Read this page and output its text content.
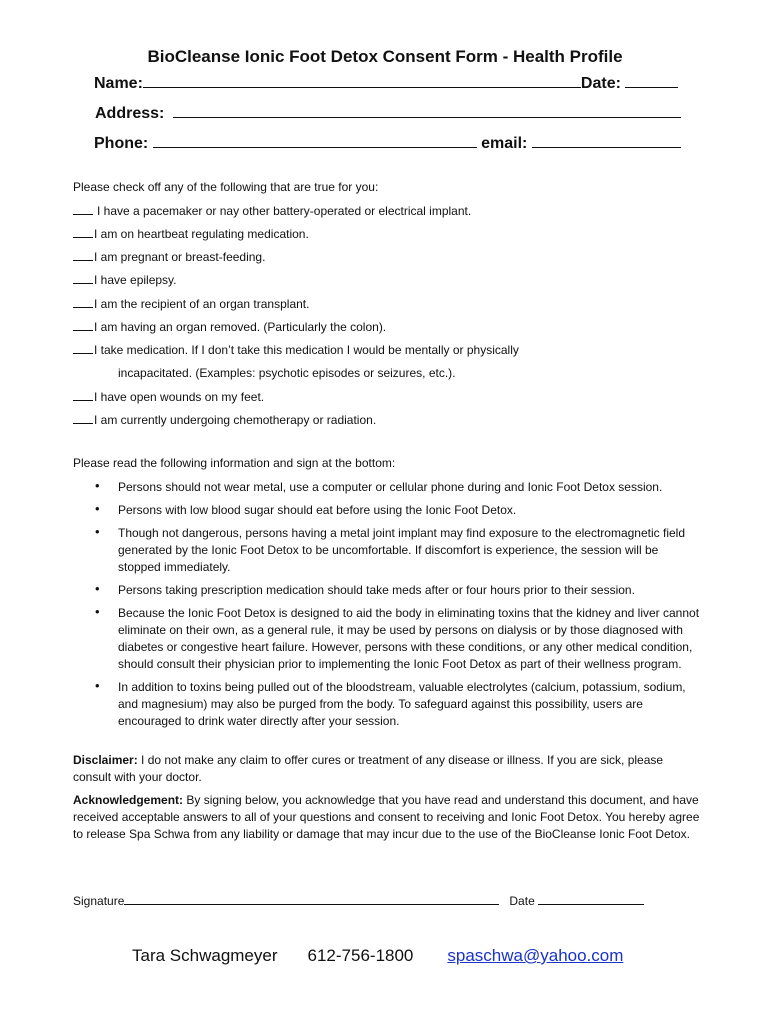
BioCleanse Ionic Foot Detox Consent Form - Health Profile
Name:	Date:
Address:
Phone:	email:

Please check off any of the following that are true for you:

I have a pacemaker or nay other battery-operated or electrical implant.

I am on heartbeat regulating medication.

I am pregnant or breast-feeding.

I have epilepsy.

I am the recipient of an organ transplant.

I am having an organ removed. (Particularly the colon).

I take medication. If I don’t take this medication I would be mentally or physically

incapacitated. (Examples: psychotic episodes or seizures, etc.).

I have open wounds on my feet.

I am currently undergoing chemotherapy or radiation.

Please read the following information and sign at the bottom:

• Persons should not wear metal, use a computer or cellular phone during and Ionic Foot Detox session.
• Persons with low blood sugar should eat before using the Ionic Foot Detox.
• Though not dangerous, persons having a metal joint implant may find exposure to the electromagnetic field generated by the Ionic Foot Detox to be uncomfortable. If discomfort is experience, the session will be stopped immediately.
• Persons taking prescription medication should take meds after or four hours prior to their session.
• Because the Ionic Foot Detox is designed to aid the body in eliminating toxins that the kidney and liver cannot eliminate on their own, as a general rule, it may be used by persons on dialysis or by those diagnosed with diabetes or congestive heart failure. However, persons with these conditions, or any other medical condition, should consult their physician prior to implementing the Ionic Foot Detox as part of their wellness program.
• In addition to toxins being pulled out of the bloodstream, valuable electrolytes (calcium, potassium, sodium, and magnesium) may also be purged from the body. To safeguard against this possibility, users are encouraged to drink water directly after your session.

Disclaimer: I do not make any claim to offer cures or treatment of any disease or illness. If you are sick, please consult with your doctor.

Acknowledgement: By signing below, you acknowledge that you have read and understand this document, and have received acceptable answers to all of your questions and consent to receiving and Ionic Foot Detox. You hereby agree to release Spa Schwa from any liability or damage that may incur due to the use of the BioCleanse Ionic Foot Detox.

Signature	Date

Tara Schwagmeyer 612-756-1800 spaschwa@yahoo.com
